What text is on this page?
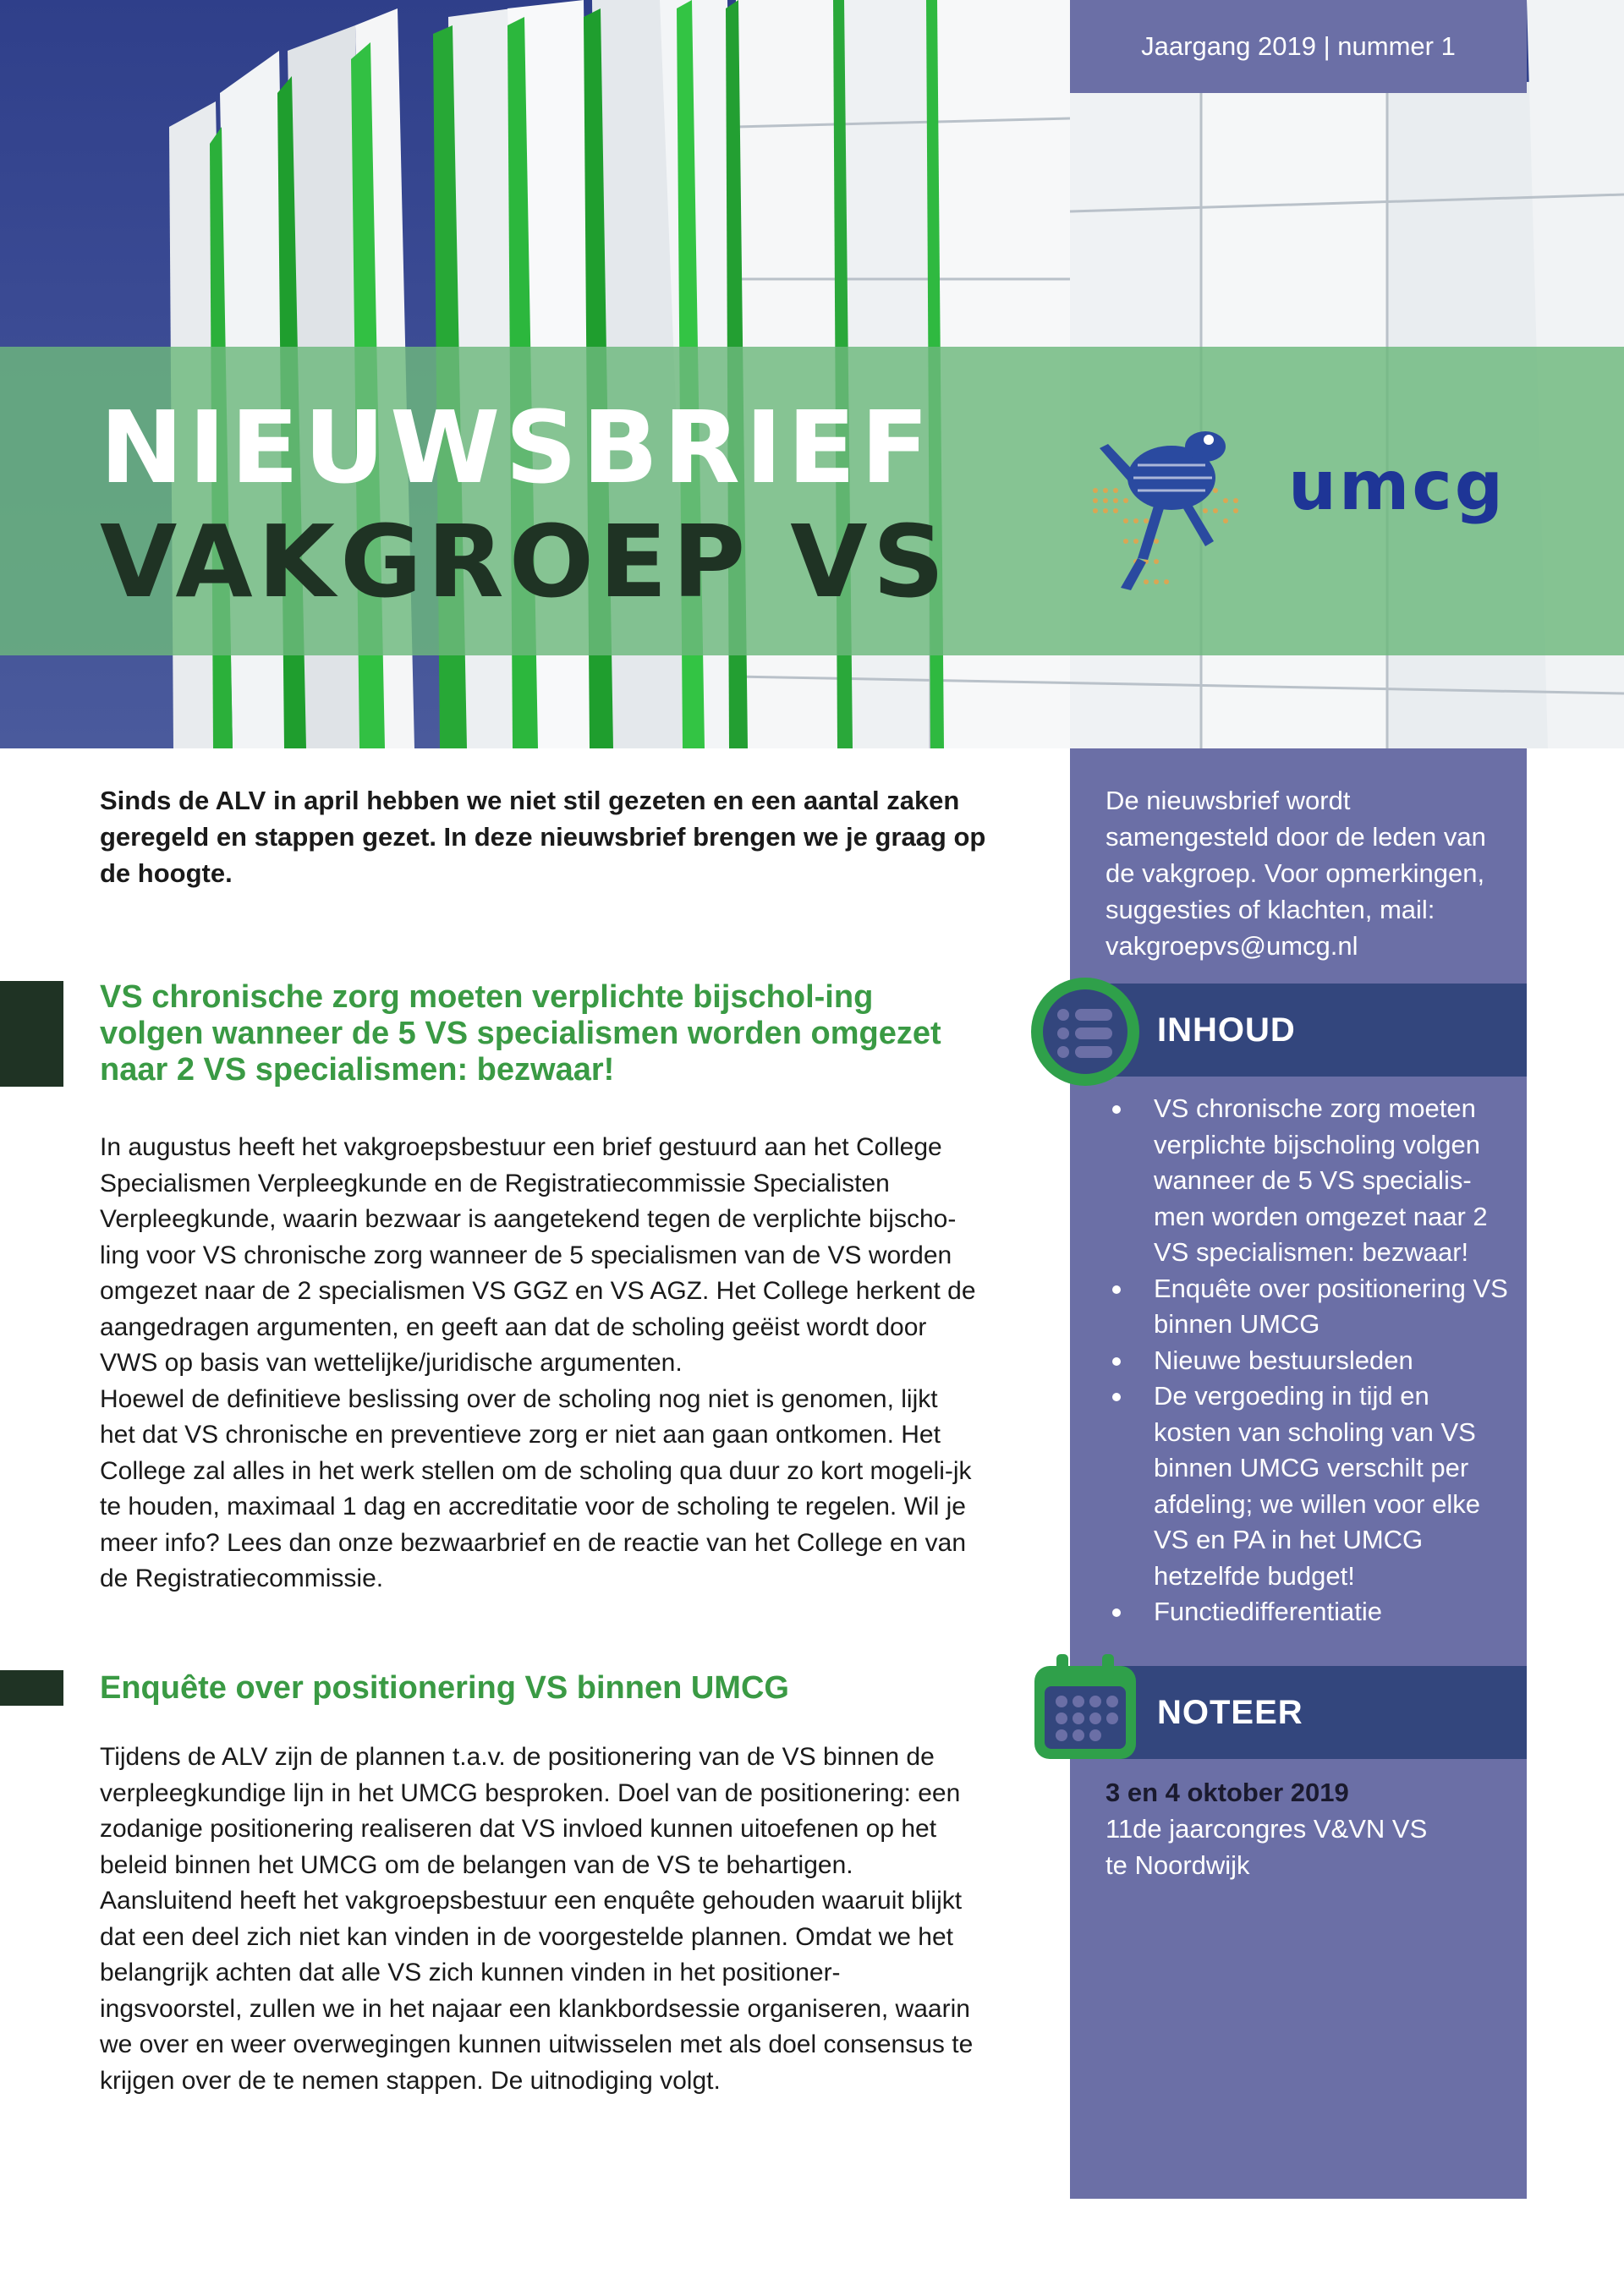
Jaargang 2019 | nummer 1
NIEUWSBRIEF
VAKGROEP VS
umcg

De nieuwsbrief wordt samengesteld door de leden van de vakgroep. Voor opmerkingen, suggesties of klachten, mail: vakgroepvs@umcg.nl

INHOUD
VS chronische zorg moeten verplichte bijscholing volgen wanneer de 5 VS specialis-men worden omgezet naar 2 VS specialismen: bezwaar!
Enquête over positionering VS binnen UMCG
Nieuwe bestuursleden
De vergoeding in tijd en kosten van scholing van VS binnen UMCG verschilt per afdeling; we willen voor elke VS en PA in het UMCG hetzelfde budget!
Functiedifferentiatie
NOTEER
3 en 4 oktober 2019
11de jaarcongres V&VN VS
te Noordwijk
Sinds de ALV in april hebben we niet stil gezeten en een aantal zaken geregeld en stappen gezet. In deze nieuwsbrief brengen we je graag op de hoogte.
VS chronische zorg moeten verplichte bijschol-ing volgen wanneer de 5 VS specialismen worden omgezet naar 2 VS specialismen: bezwaar!

In augustus heeft het vakgroepsbestuur een brief gestuurd aan het College Specialismen Verpleegkunde en de Registratiecommissie Specialisten Verpleegkunde, waarin bezwaar is aangetekend tegen de verplichte bijscho-ling voor VS chronische zorg wanneer de 5 specialismen van de VS worden omgezet naar de 2 specialismen VS GGZ en VS AGZ. Het College herkent de aangedragen argumenten, en geeft aan dat de scholing geëist wordt door VWS op basis van wettelijke/juridische argumenten.

Hoewel de definitieve beslissing over de scholing nog niet is genomen, lijkt het dat VS chronische en preventieve zorg er niet aan gaan ontkomen. Het College zal alles in het werk stellen om de scholing qua duur zo kort mogeli-jk te houden, maximaal 1 dag en accreditatie voor de scholing te regelen. Wil je meer info? Lees dan onze bezwaarbrief en de reactie van het College en van de Registratiecommissie.

Enquête over positionering VS binnen UMCG

Tijdens de ALV zijn de plannen t.a.v. de positionering van de VS binnen de verpleegkundige lijn in het UMCG besproken. Doel van de positionering: een zodanige positionering realiseren dat VS invloed kunnen uitoefenen op het beleid binnen het UMCG om de belangen van de VS te behartigen. Aansluitend heeft het vakgroepsbestuur een enquête gehouden waaruit blijkt dat een deel zich niet kan vinden in de voorgestelde plannen. Omdat we het belangrijk achten dat alle VS zich kunnen vinden in het positioner-ingsvoorstel, zullen we in het najaar een klankbordsessie organiseren, waarin we over en weer overwegingen kunnen uitwisselen met als doel consensus te krijgen over de te nemen stappen. De uitnodiging volgt.
